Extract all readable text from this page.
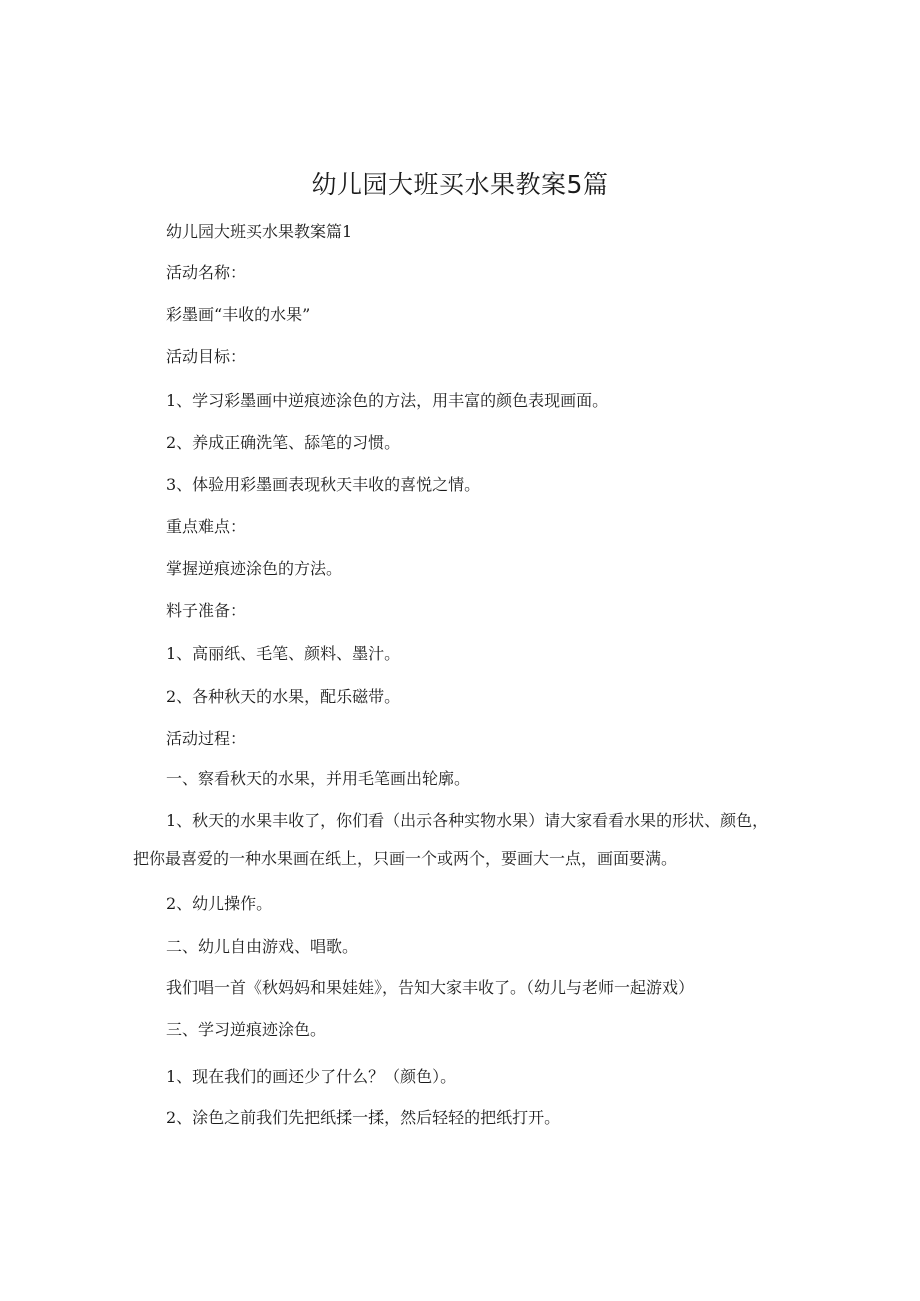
幼儿园大班买水果教案5篇

幼儿园大班买水果教案篇1

活动名称：

彩墨画“丰收的水果”

活动目标：

1、学习彩墨画中逆痕迹涂色的方法，用丰富的颜色表现画面。

2、养成正确洗笔、舔笔的习惯。

3、体验用彩墨画表现秋天丰收的喜悦之情。

重点难点：

掌握逆痕迹涂色的方法。

料子准备：

1、高丽纸、毛笔、颜料、墨汁。

2、各种秋天的水果，配乐磁带。

活动过程：

一、察看秋天的水果，并用毛笔画出轮廓。

1、秋天的水果丰收了，你们看（出示各种实物水果）请大家看看水果的形状、颜色，把你最喜爱的一种水果画在纸上，只画一个或两个，要画大一点，画面要满。

2、幼儿操作。

二、幼儿自由游戏、唱歌。

我们唱一首《秋妈妈和果娃娃》，告知大家丰收了。（幼儿与老师一起游戏）

三、学习逆痕迹涂色。

1、现在我们的画还少了什么？（颜色）。

2、涂色之前我们先把纸揉一揉，然后轻轻的把纸打开。
